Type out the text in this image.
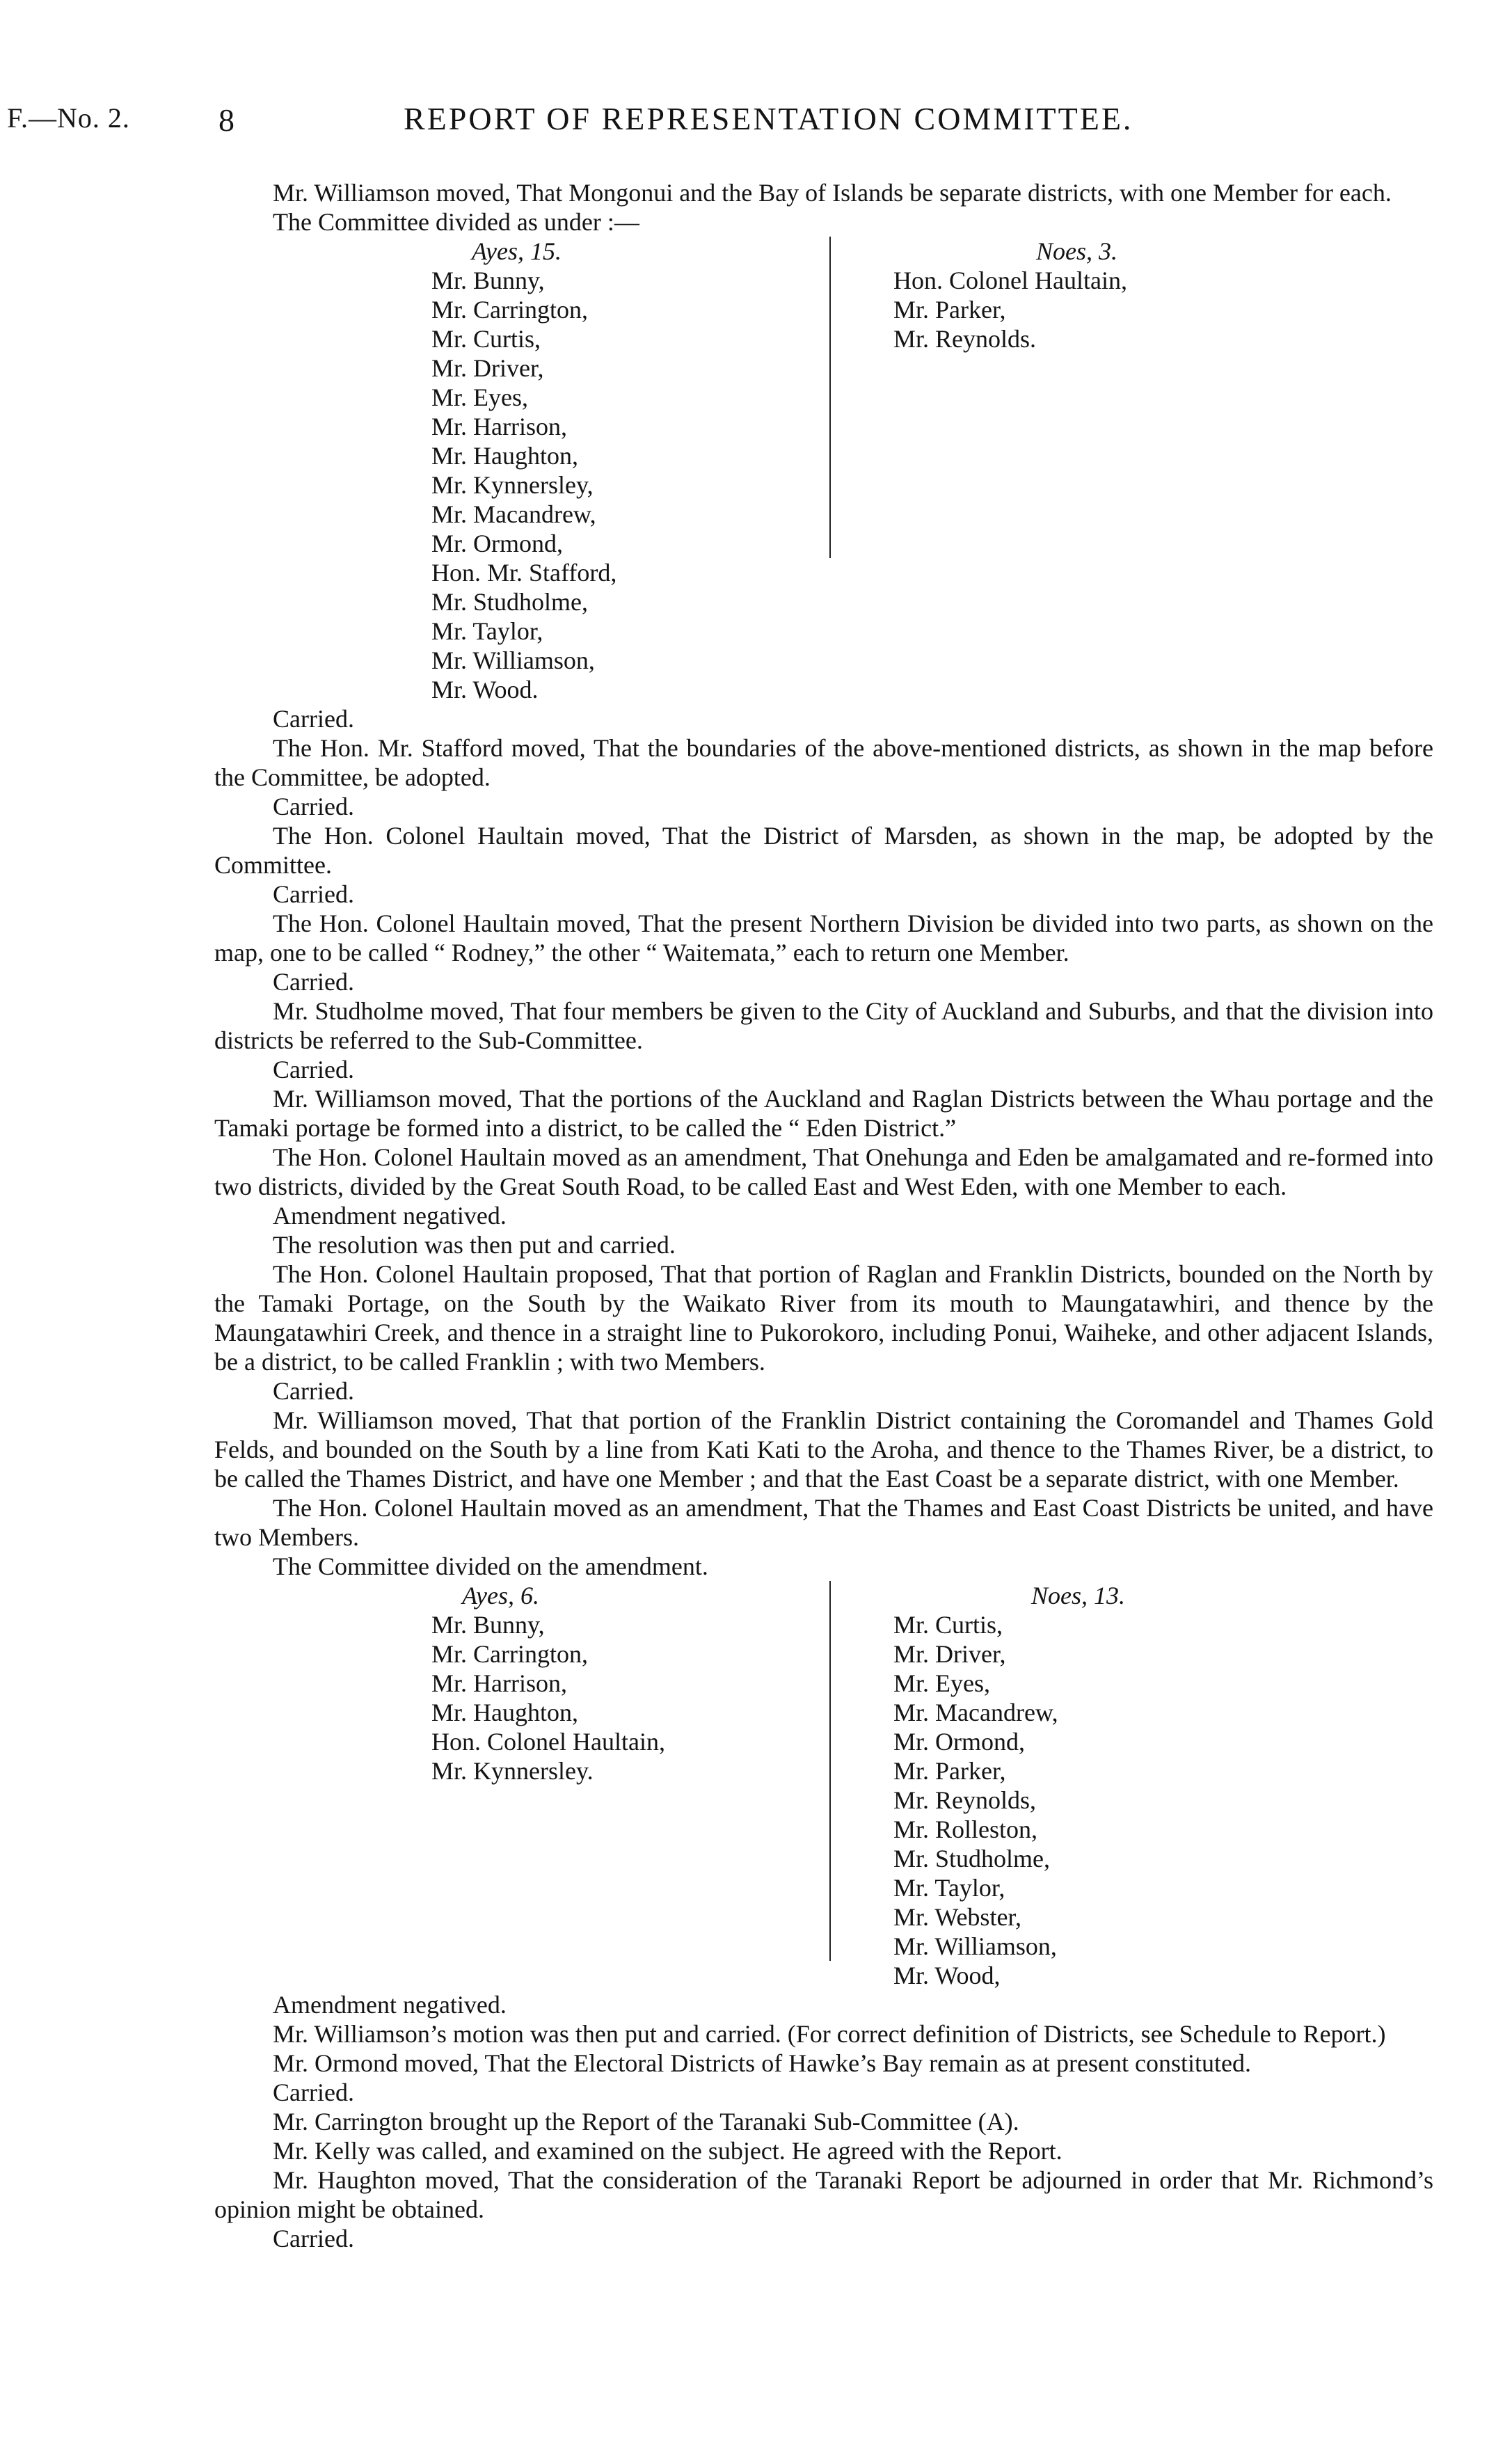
F.—No. 2.	8	REPORT OF REPRESENTATION COMMITTEE.

Mr. Williamson moved, That Mongonui and the Bay of Islands be separate districts, with one Member for each.

The Committee divided as under :—

Ayes, 15.

Mr. Bunny,

Mr. Carrington,

Mr. Curtis,

Mr. Driver,

Mr. Eyes,

Mr. Harrison,

Mr. Haughton,

Mr. Kynnersley,

Mr. Macandrew,

Mr. Ormond,

Hon. Mr. Stafford,

Mr. Studholme,

Mr. Taylor,

Mr. Williamson,

Mr. Wood.

Noes, 3.

Hon. Colonel Haultain,

Mr. Parker,

Mr. Reynolds.

Carried.

The Hon. Mr. Stafford moved, That the boundaries of the above-mentioned districts, as shown in the map before the Committee, be adopted.

Carried.

The Hon. Colonel Haultain moved, That the District of Marsden, as shown in the map, be adopted by the Committee.

Carried.

The Hon. Colonel Haultain moved, That the present Northern Division be divided into two parts, as shown on the map, one to be called “ Rodney,” the other “ Waitemata,” each to return one Member.

Carried.

Mr. Studholme moved, That four members be given to the City of Auckland and Suburbs, and that the division into districts be referred to the Sub-Committee.

Carried.

Mr. Williamson moved, That the portions of the Auckland and Raglan Districts between the Whau portage and the Tamaki portage be formed into a district, to be called the “ Eden District.”

The Hon. Colonel Haultain moved as an amendment, That Onehunga and Eden be amalgamated and re-formed into two districts, divided by the Great South Road, to be called East and West Eden, with one Member to each.

Amendment negatived.

The resolution was then put and carried.

The Hon. Colonel Haultain proposed, That that portion of Raglan and Franklin Districts, bounded on the North by the Tamaki Portage, on the South by the Waikato River from its mouth to Maungatawhiri, and thence by the Maungatawhiri Creek, and thence in a straight line to Pukorokoro, including Ponui, Waiheke, and other adjacent Islands, be a district, to be called Franklin ; with two Members.

Carried.

Mr. Williamson moved, That that portion of the Franklin District containing the Coromandel and Thames Gold Felds, and bounded on the South by a line from Kati Kati to the Aroha, and thence to the Thames River, be a district, to be called the Thames District, and have one Member ; and that the East Coast be a separate district, with one Member.

The Hon. Colonel Haultain moved as an amendment, That the Thames and East Coast Districts be united, and have two Members.

The Committee divided on the amendment.

Ayes, 6.

Mr. Bunny,

Mr. Carrington,

Mr. Harrison,

Mr. Haughton,

Hon. Colonel Haultain,

Mr. Kynnersley.

Noes, 13.

Mr. Curtis,

Mr. Driver,

Mr. Eyes,

Mr. Macandrew,

Mr. Ormond,

Mr. Parker,

Mr. Reynolds,

Mr. Rolleston,

Mr. Studholme,

Mr. Taylor,

Mr. Webster,

Mr. Williamson,

Mr. Wood,

Amendment negatived.

Mr. Williamson’s motion was then put and carried. (For correct definition of Districts, see Schedule to Report.)

Mr. Ormond moved, That the Electoral Districts of Hawke’s Bay remain as at present constituted.

Carried.

Mr. Carrington brought up the Report of the Taranaki Sub-Committee (A).

Mr. Kelly was called, and examined on the subject. He agreed with the Report.

Mr. Haughton moved, That the consideration of the Taranaki Report be adjourned in order that Mr. Richmond’s opinion might be obtained.

Carried.
